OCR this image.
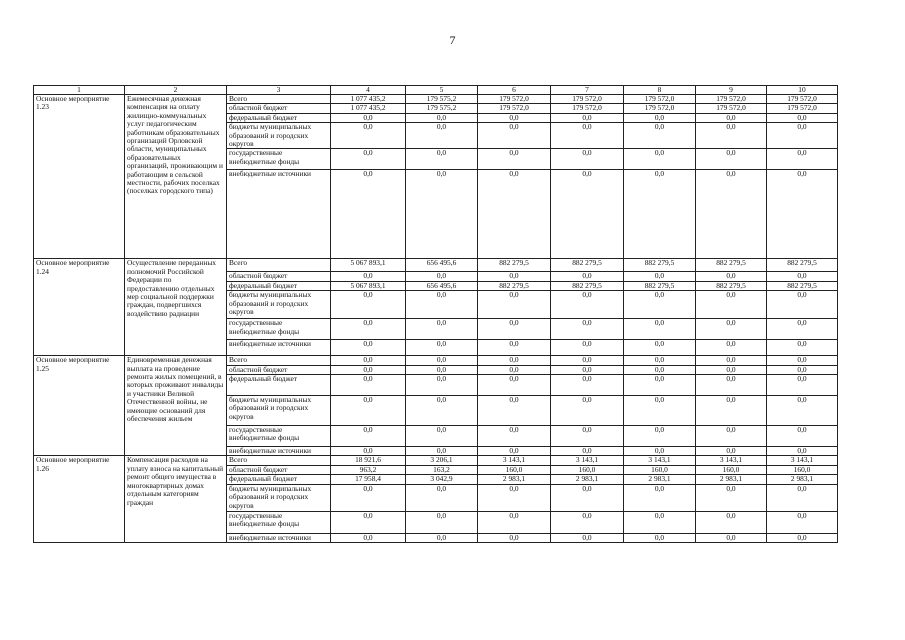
7
1	2	3	4	5	6	7	8	9	10
Основное мероприятие 1.23	Ежемесячная денежная компенсация на оплату жилищно-коммунальных услуг педагогическим работникам образовательных организаций Орловской области, муниципальных образовательных организаций, проживающим и работающим в сельской местности, рабочих поселках (поселках городского типа)	Всего	1 077 435,2	179 575,2	179 572,0	179 572,0	179 572,0	179 572,0	179 572,0
		областной бюджет	1 077 435,2	179 575,2	179 572,0	179 572,0	179 572,0	179 572,0	179 572,0
		федеральный бюджет	0,0	0,0	0,0	0,0	0,0	0,0	0,0
		бюджеты муниципальных образований и городских округов	0,0	0,0	0,0	0,0	0,0	0,0	0,0
		государственные внебюджетные фонды	0,0	0,0	0,0	0,0	0,0	0,0	0,0
		внебюджетные источники	0,0	0,0	0,0	0,0	0,0	0,0	0,0
Основное мероприятие 1.24	Осуществление переданных полномочий Российской Федерации по предоставлению отдельных мер социальной поддержки граждан, подвергшихся воздействию радиации	Всего	5 067 893,1	656 495,6	882 279,5	882 279,5	882 279,5	882 279,5	882 279,5
		областной бюджет	0,0	0,0	0,0	0,0	0,0	0,0	0,0
		федеральный бюджет	5 067 893,1	656 495,6	882 279,5	882 279,5	882 279,5	882 279,5	882 279,5
		бюджеты муниципальных образований и городских округов	0,0	0,0	0,0	0,0	0,0	0,0	0,0
		государственные внебюджетные фонды	0,0	0,0	0,0	0,0	0,0	0,0	0,0
		внебюджетные источники	0,0	0,0	0,0	0,0	0,0	0,0	0,0
Основное мероприятие 1.25	Единовременная денежная выплата на проведение ремонта жилых помещений, в которых проживают инвалиды и участники Великой Отечественной войны, не имеющие оснований для обеспечения жильем	Всего	0,0	0,0	0,0	0,0	0,0	0,0	0,0
		областной бюджет	0,0	0,0	0,0	0,0	0,0	0,0	0,0
		федеральный бюджет	0,0	0,0	0,0	0,0	0,0	0,0	0,0
		бюджеты муниципальных образований и городских округов	0,0	0,0	0,0	0,0	0,0	0,0	0,0
		государственные внебюджетные фонды	0,0	0,0	0,0	0,0	0,0	0,0	0,0
		внебюджетные источники	0,0	0,0	0,0	0,0	0,0	0,0	0,0
Основное мероприятие 1.26	Компенсация расходов на уплату взноса на капитальный ремонт общего имущества в многоквартирных домах отдельным категориям граждан	Всего	18 921,6	3 206,1	3 143,1	3 143,1	3 143,1	3 143,1	3 143,1
		областной бюджет	963,2	163,2	160,0	160,0	160,0	160,0	160,0
		федеральный бюджет	17 958,4	3 042,9	2 983,1	2 983,1	2 983,1	2 983,1	2 983,1
		бюджеты муниципальных образований и городских округов	0,0	0,0	0,0	0,0	0,0	0,0	0,0
		государственные внебюджетные фонды	0,0	0,0	0,0	0,0	0,0	0,0	0,0
		внебюджетные источники	0,0	0,0	0,0	0,0	0,0	0,0	0,0
